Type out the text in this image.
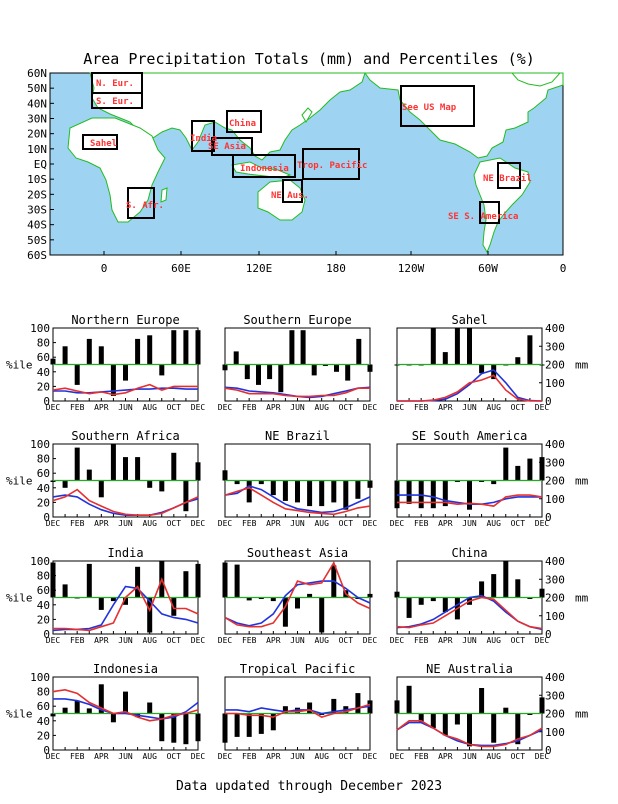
Area Precipitation Totals (mm) and Percentiles (%)
N. Eur.
S. Eur.
Sahel
S. Afr.
India
China
SE Asia
Indonesia Trop. Pacific
NE Aus.
See US Map
NE Brazil
SE S. America
60N
50N
40N
30N
20N
10N
EQ
10S
20S
30S
40S
50S
60S
0	60E	120E	180	120W	60W	0
Northern Europe
DEC FEB APR JUN AUG OCT DEC
0
20
40
60
80
100
%ile
Southern Europe
DEC FEB APR JUN AUG OCT DEC
Sahel
DEC FEB APR JUN AUG OCT DEC
0
100
200
300
400
mm
Southern Africa
DEC FEB APR JUN AUG OCT DEC
0
20
40
60
80
100
%ile
NE Brazil
DEC FEB APR JUN AUG OCT DEC
SE South America
DEC FEB APR JUN AUG OCT DEC
0
100
200
300
400
mm
India
DEC FEB APR JUN AUG OCT DEC
0
20
40
60
80
100
%ile
Southeast Asia
DEC FEB APR JUN AUG OCT DEC
China
DEC FEB APR JUN AUG OCT DEC
0
100
200
300
400
mm
Indonesia
DEC FEB APR JUN AUG OCT DEC
0
20
40
60
80
100
%ile
Tropical Pacific
DEC FEB APR JUN AUG OCT DEC
NE Australia
DEC FEB APR JUN AUG OCT DEC
0
100
200
300
400
mm
Data updated through December 2023
